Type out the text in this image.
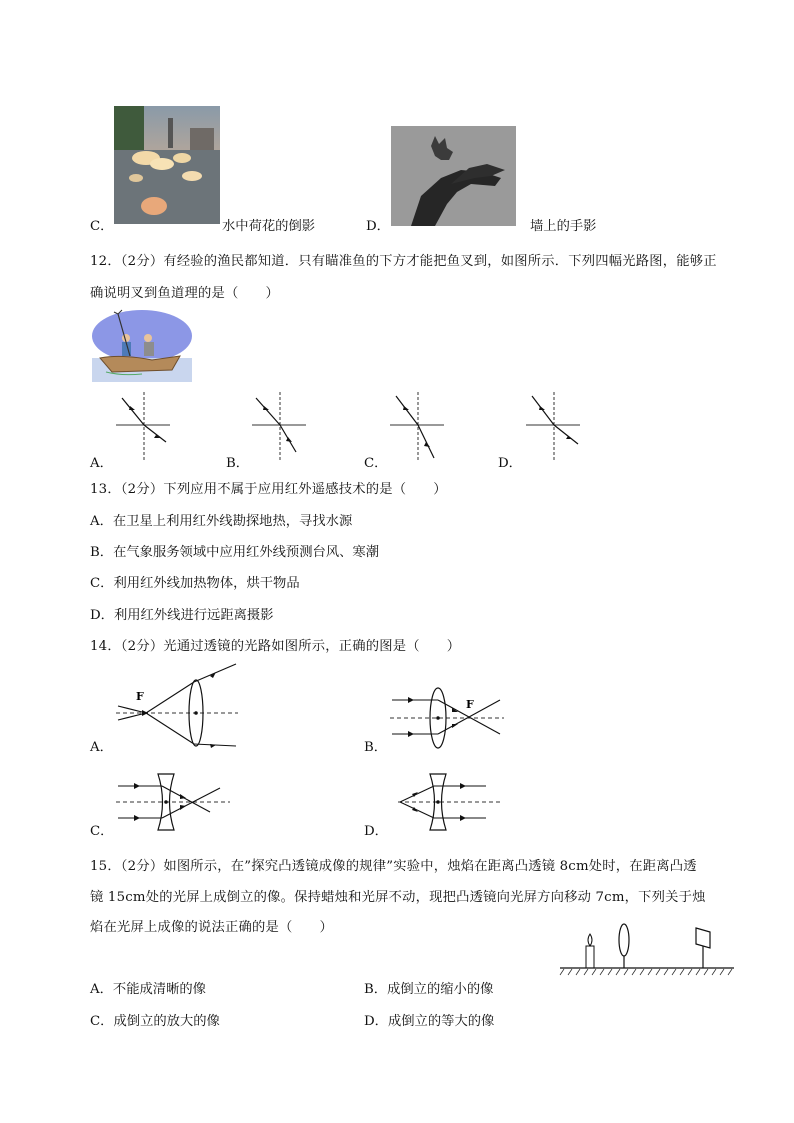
C．	水中荷花的倒影	D．	墙上的手影
12．（2分）有经验的渔民都知道．只有瞄准鱼的下方才能把鱼叉到，如图所示．下列四幅光路图，能够正
确说明叉到鱼道理的是（　　）
A．	B．	C．	D．
13．（2分）下列应用不属于应用红外遥感技术的是（　　）
A．在卫星上利用红外线勘探地热，寻找水源
B．在气象服务领域中应用红外线预测台风、寒潮
C．利用红外线加热物体，烘干物品
D．利用红外线进行远距离摄影
14．（2分）光通过透镜的光路如图所示，正确的图是（　　）
F
A．
F
B．
C．	D．
15．（2分）如图所示，在”探究凸透镜成像的规律”实验中，烛焰在距离凸透镜 8cm处时，在距离凸透
镜 15cm处的光屏上成倒立的像。保持蜡烛和光屏不动，现把凸透镜向光屏方向移动 7cm，下列关于烛
焰在光屏上成像的说法正确的是（　　）
A．不能成清晰的像	B．成倒立的缩小的像
C．成倒立的放大的像	D．成倒立的等大的像
